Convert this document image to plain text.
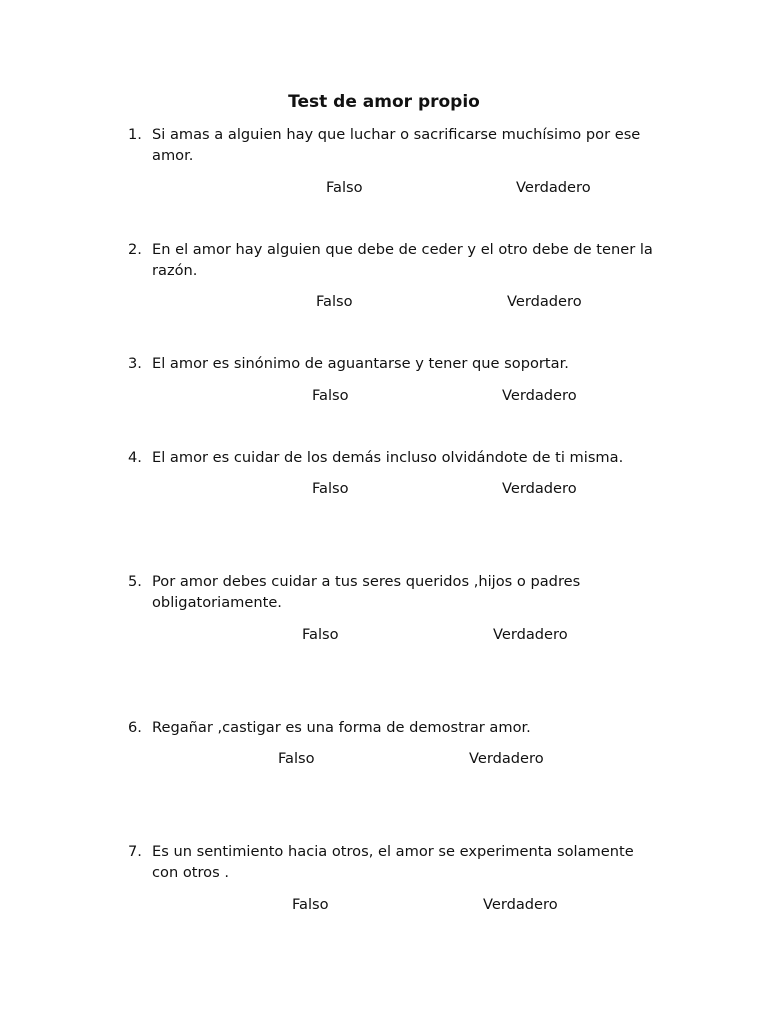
Test de amor propio
1. Si amas a alguien hay que luchar o sacrificarse muchísimo por ese amor.
Falso	Verdadero
2. En el amor hay alguien que debe de ceder y el otro debe de tener la razón.
Falso	Verdadero
3. El amor es sinónimo de aguantarse y tener que soportar.
Falso	Verdadero
4. El amor es cuidar de los demás incluso olvidándote de ti misma.
Falso	Verdadero
5. Por amor debes cuidar a tus seres queridos ,hijos o padres obligatoriamente.
Falso	Verdadero
6. Regañar ,castigar es una forma de demostrar amor.
Falso	Verdadero
7. Es un sentimiento hacia otros, el amor se experimenta solamente con otros .
Falso	Verdadero
